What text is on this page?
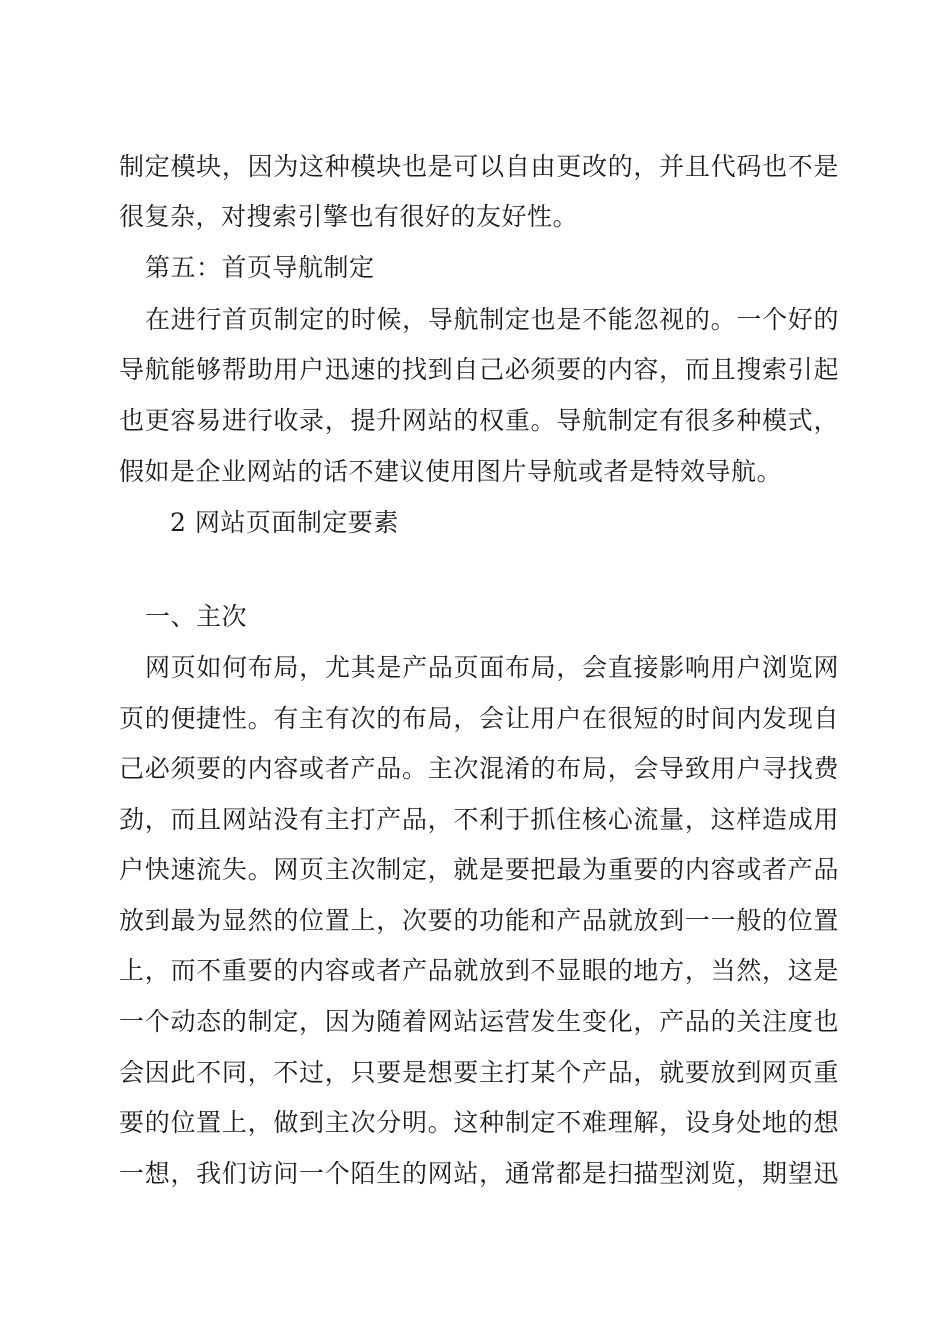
制定模块，因为这种模块也是可以自由更改的，并且代码也不是
很复杂，对搜索引擎也有很好的友好性。
第五：首页导航制定
在进行首页制定的时候，导航制定也是不能忽视的。一个好的
导航能够帮助用户迅速的找到自己必须要的内容，而且搜索引起
也更容易进行收录，提升网站的权重。导航制定有很多种模式，
假如是企业网站的话不建议使用图片导航或者是特效导航。
2 网站页面制定要素
一、主次
网页如何布局，尤其是产品页面布局，会直接影响用户浏览网
页的便捷性。有主有次的布局，会让用户在很短的时间内发现自
己必须要的内容或者产品。主次混淆的布局，会导致用户寻找费
劲，而且网站没有主打产品，不利于抓住核心流量，这样造成用
户快速流失。网页主次制定，就是要把最为重要的内容或者产品
放到最为显然的位置上，次要的功能和产品就放到一一般的位置
上，而不重要的内容或者产品就放到不显眼的地方，当然，这是
一个动态的制定，因为随着网站运营发生变化，产品的关注度也
会因此不同，不过，只要是想要主打某个产品，就要放到网页重
要的位置上，做到主次分明。这种制定不难理解，设身处地的想
一想，我们访问一个陌生的网站，通常都是扫描型浏览，期望迅
